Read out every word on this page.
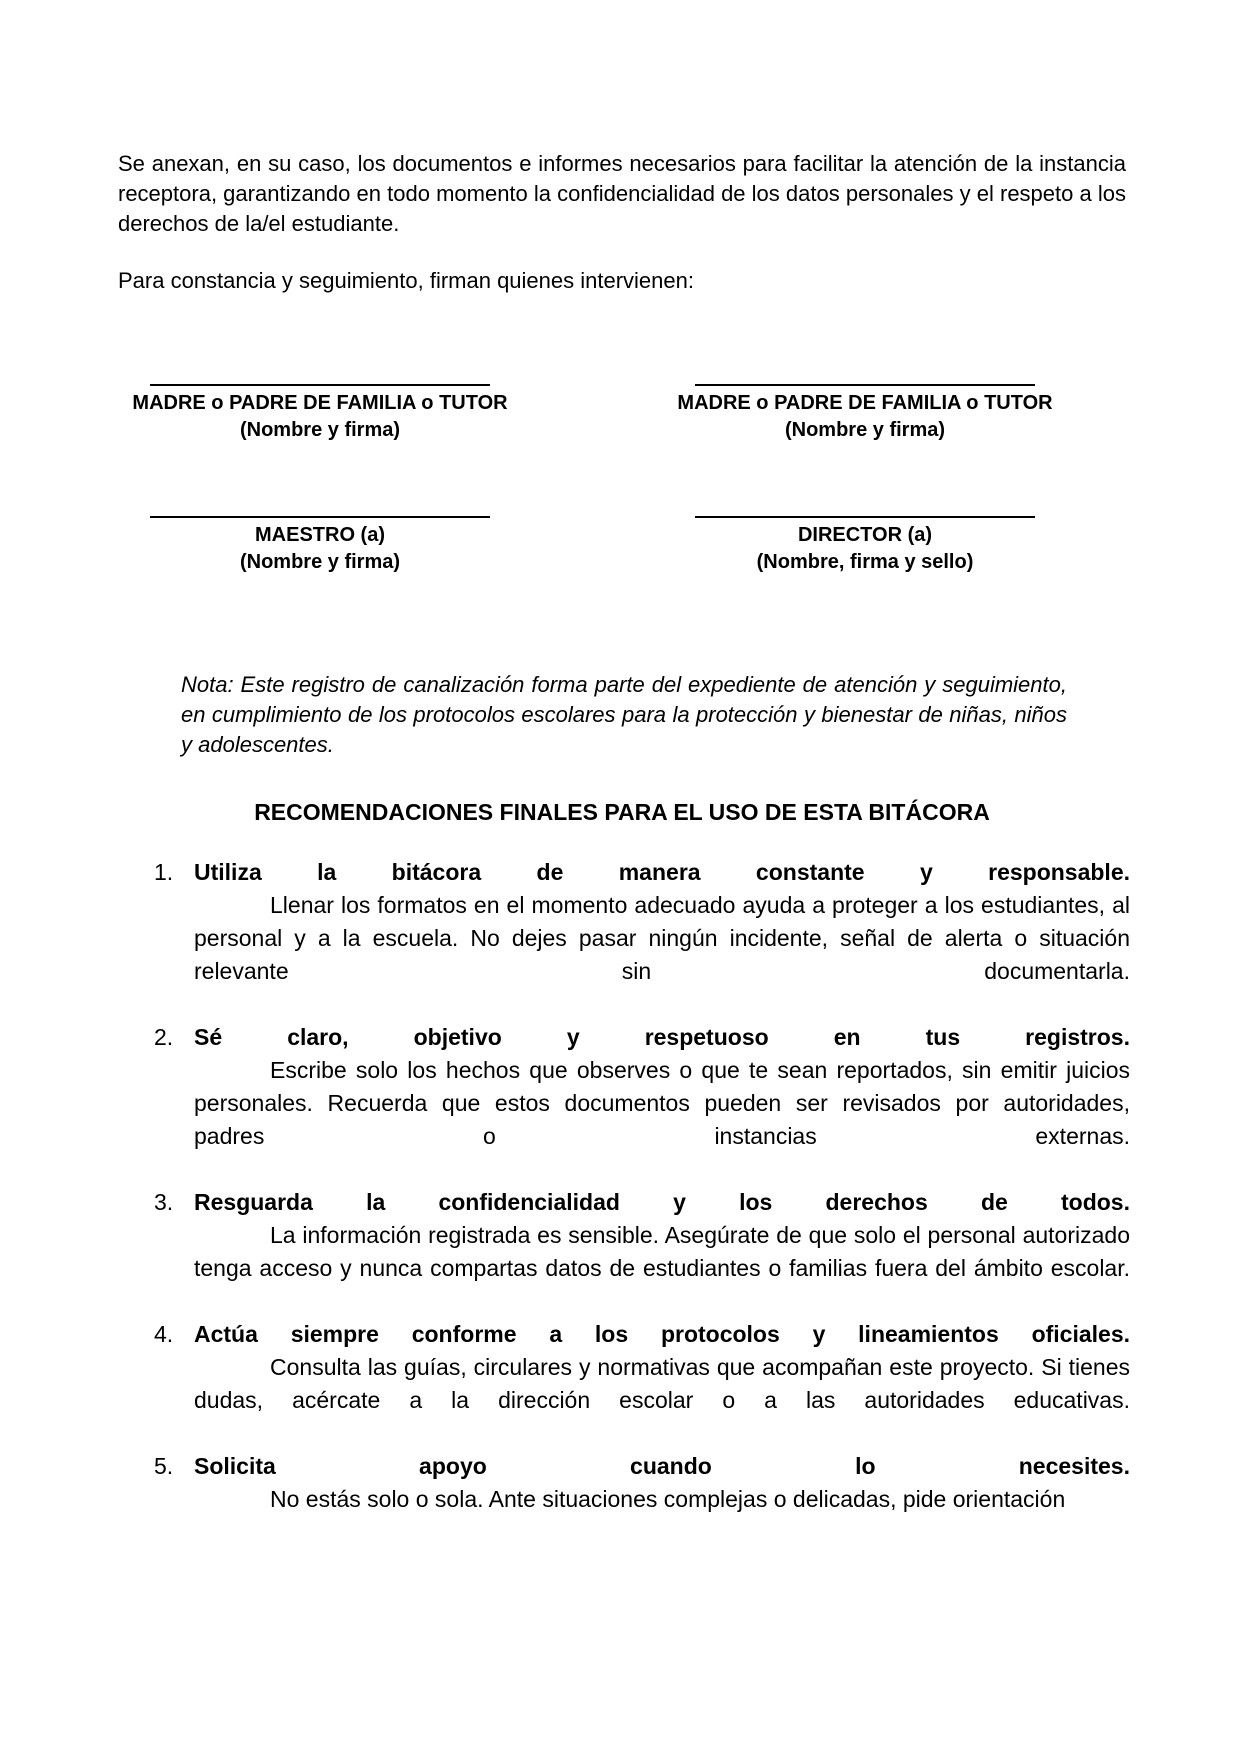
Se anexan, en su caso, los documentos e informes necesarios para facilitar la atención de la instancia receptora, garantizando en todo momento la confidencialidad de los datos personales y el respeto a los derechos de la/el estudiante.

Para constancia y seguimiento, firman quienes intervienen:

MADRE o PADRE DE FAMILIA o TUTOR
(Nombre y firma)
MADRE o PADRE DE FAMILIA o TUTOR
(Nombre y firma)
MAESTRO (a)
(Nombre y firma)
DIRECTOR (a)
(Nombre, firma y sello)

Nota: Este registro de canalización forma parte del expediente de atención y seguimiento, en cumplimiento de los protocolos escolares para la protección y bienestar de niñas, niños y adolescentes.

RECOMENDACIONES FINALES PARA EL USO DE ESTA BITÁCORA
1. Utiliza la bitácora de manera constante y responsable.
Llenar los formatos en el momento adecuado ayuda a proteger a los estudiantes, al personal y a la escuela. No dejes pasar ningún incidente, señal de alerta o situación relevante sin documentarla.
2. Sé claro, objetivo y respetuoso en tus registros.
Escribe solo los hechos que observes o que te sean reportados, sin emitir juicios personales. Recuerda que estos documentos pueden ser revisados por autoridades, padres o instancias externas.
3. Resguarda la confidencialidad y los derechos de todos.
La información registrada es sensible. Asegúrate de que solo el personal autorizado tenga acceso y nunca compartas datos de estudiantes o familias fuera del ámbito escolar.
4. Actúa siempre conforme a los protocolos y lineamientos oficiales.
Consulta las guías, circulares y normativas que acompañan este proyecto. Si tienes dudas, acércate a la dirección escolar o a las autoridades educativas.
5. Solicita apoyo cuando lo necesites.
No estás solo o sola. Ante situaciones complejas o delicadas, pide orientación
